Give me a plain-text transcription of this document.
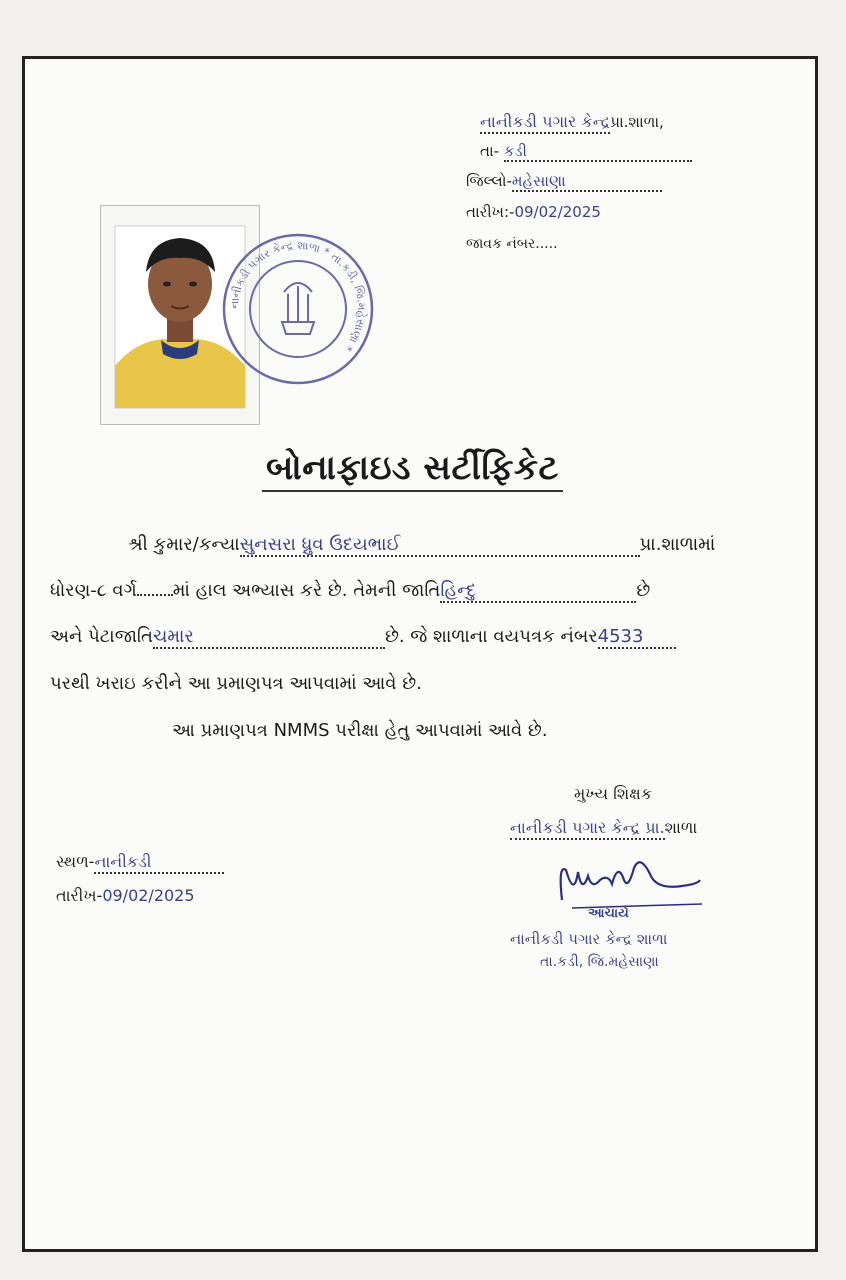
નાનીકડી પગાર કેન્દ્રપ્રા.શાળા,
તા- કડી
જિલ્લો-મહેસાણા
તારીખ:-09/02/2025
જાવક નંબર.....
નાનીકડી પગાર કેન્દ્ર શાળા * તા.કડી, જિ.મહેસાણા *
બોનાફાઇડ સર્ટીફિકેટ
શ્રી કુમાર/કન્યાસુનસરા ધ્રુવ ઉદયભાઈ	પ્રા.શાળામાં
ધોરણ-૮ વર્ગ માં હાલ અભ્યાસ કરે છે. તેમની જાતિહિન્દુ	છે
અને પેટાજાતિચમાર	છે. જે શાળાના વયપત્રક નંબર4533
પરથી ખરાઇ કરીને આ પ્રમાણપત્ર આપવામાં આવે છે.
આ પ્રમાણપત્ર NMMS પરીક્ષા હેતુ આપવામાં આવે છે.
મુખ્ય શિક્ષક
નાનીકડી પગાર કેન્દ્ર પ્રા.શાળા
આચાર્ય
નાનીકડી પગાર કેન્દ્ર શાળા
તા.કડી, જિ.મહેસાણા
સ્થળ-નાનીકડી
તારીખ-09/02/2025
